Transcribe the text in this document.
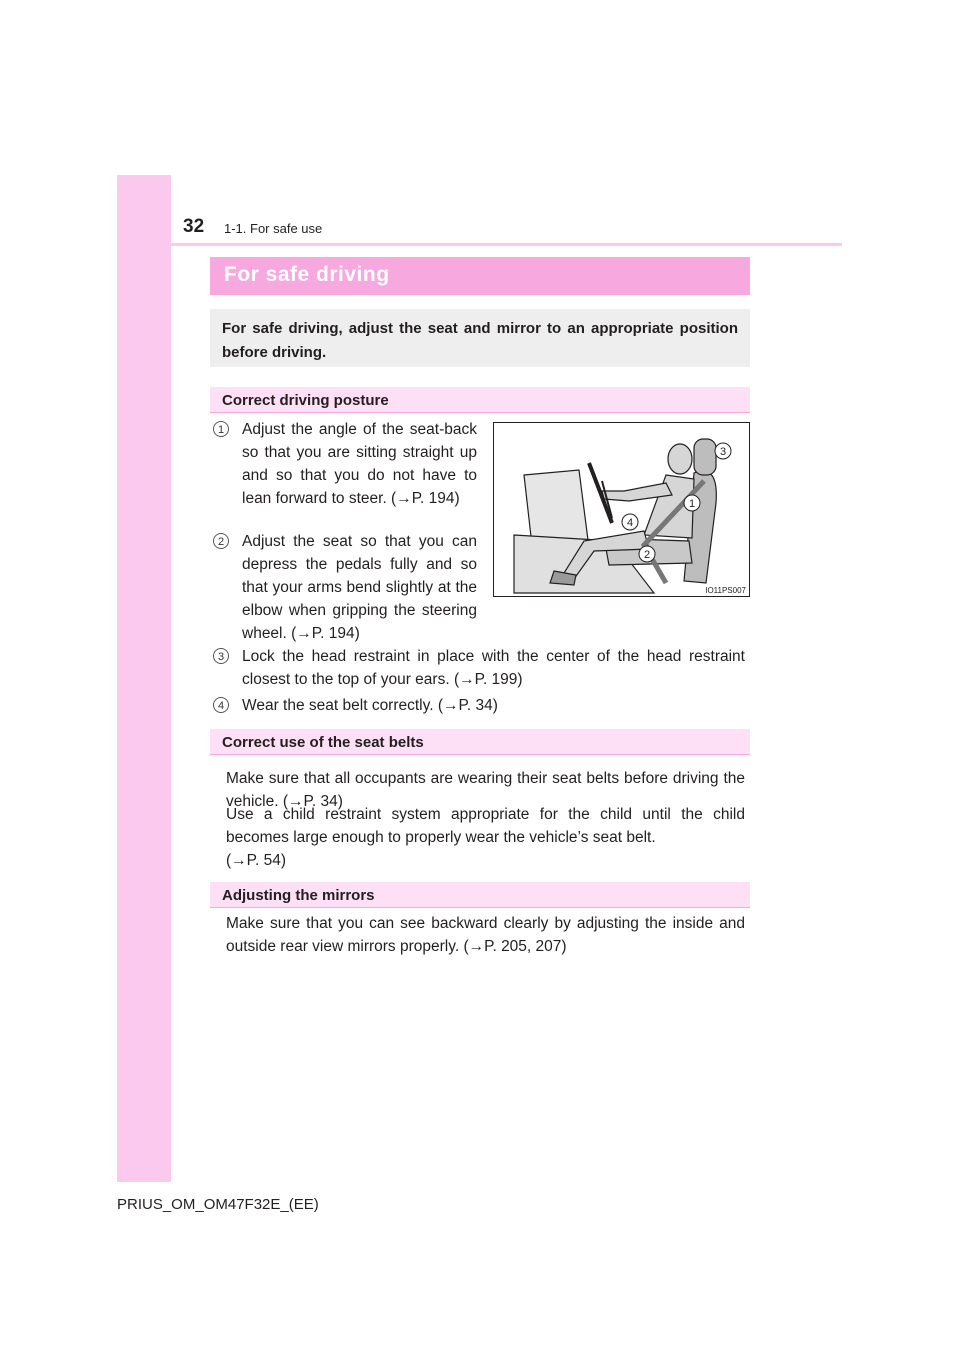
32 1-1. For safe use
For safe driving

For safe driving, adjust the seat and mirror to an appropriate position before driving.

Correct driving posture
1	Adjust the angle of the seat-back so that you are sitting straight up and so that you do not have to lean forward to steer. (→P. 194)

2	Adjust the seat so that you can depress the pedals fully and so that your arms bend slightly at the elbow when gripping the steering wheel. (→P. 194)

3
1
4
2
IO11PS007
3	Lock the head restraint in place with the center of the head restraint closest to the top of your ears. (→P. 199)

4	Wear the seat belt correctly. (→P. 34)

Correct use of the seat belts

Make sure that all occupants are wearing their seat belts before driving the vehicle. (→P. 34)

Use a child restraint system appropriate for the child until the child becomes large enough to properly wear the vehicle’s seat belt.

(→P. 54)

Adjusting the mirrors

Make sure that you can see backward clearly by adjusting the inside and outside rear view mirrors properly. (→P. 205, 207)

PRIUS_OM_OM47F32E_(EE)
